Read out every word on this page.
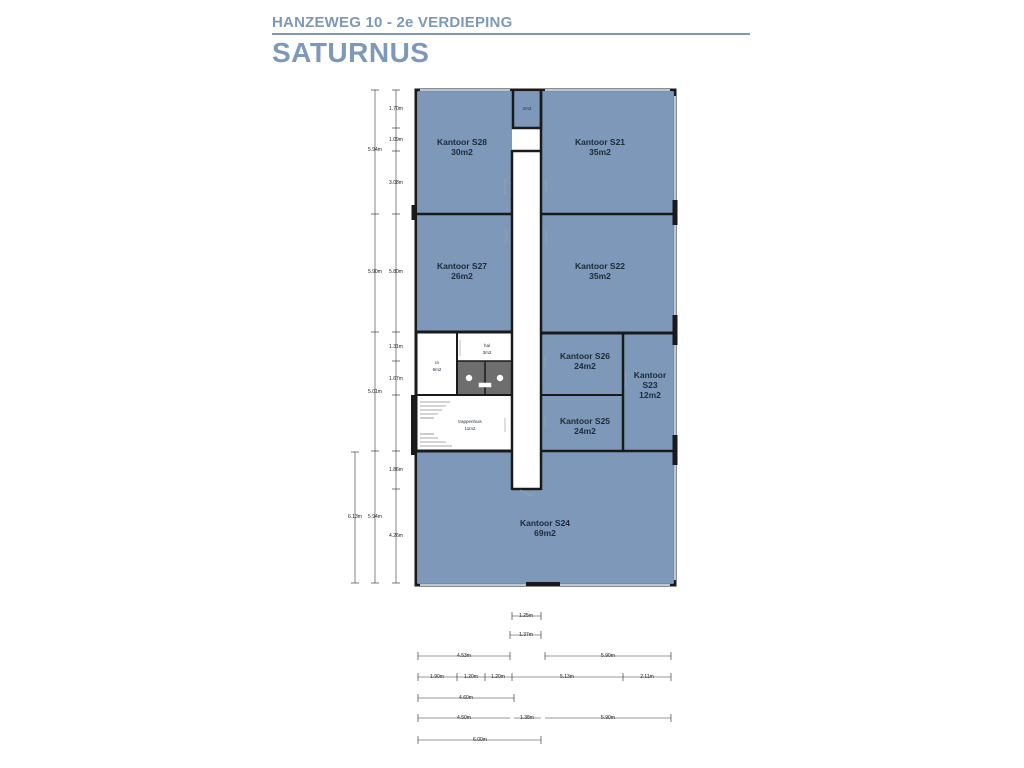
HANZEWEG 10 - 2e VERDIEPING
SATURNUS
Kantoor S28
30m2
Kantoor S21
35m2
2m2
Kantoor S27
26m2
Kantoor S22
35m2
Kantoor S26
24m2
Kantoor
S23
12m2
Kantoor S25
24m2
Kantoor S24
69m2
cv
6m2
hal
3m2
trappenhuis
11m2
1.70m
1.09m
3.08m
5.80m
1.31m
1.67m
1.86m
4.26m
5.94m
5.90m
5.01m
5.94m
6.13m
1.25m
1.37m
4.53m	5.90m
1.90m	1.20m	1.20m	5.13m	2.11m
4.60m
4.50m	1.38m	5.90m
6.00m
